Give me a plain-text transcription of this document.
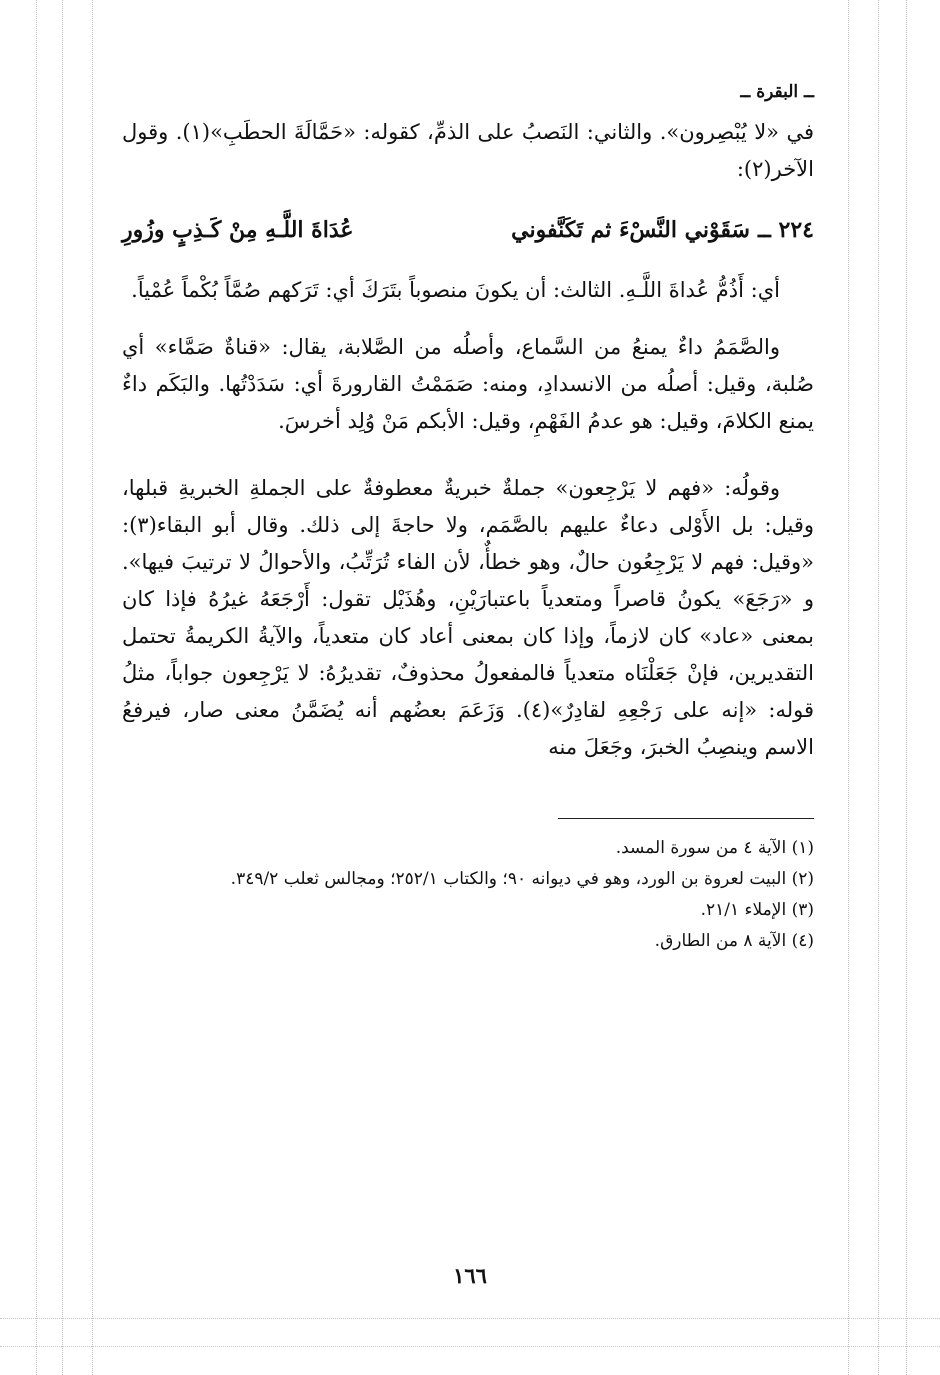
ــ البقرة ــ

في «لا يُبْصِرون». والثاني: النَصبُ على الذمِّ، كقوله: «حَمَّالَةَ الحطَبِ»(١). وقول الآخر(٢):

٢٢٤ ــ
سَقَوْني النَّسْءَ ثم تَكَنَّفوني
عُدَاةَ اللَّـهِ مِنْ كَـذِبٍ وزُورِ

أي: أَذُمُّ عُداةَ اللَّـهِ. الثالث: أن يكونَ منصوباً بتَرَكَ أي: تَرَكهم صُمَّاً بُكْماً عُمْياً.

والصَّمَمُ داءٌ يمنعُ من السَّماع، وأصلُه من الصَّلابة، يقال: «قناةٌ صَمَّاء» أي صُلبة، وقيل: أصلُه من الانسدادِ، ومنه: صَمَمْتُ القارورةَ أي: سَدَدْتُها. والبَكَم داءٌ يمنع الكلامَ، وقيل: هو عدمُ الفَهْمِ، وقيل: الأبكم مَنْ وُلِد أخرسَ.

وقولُه: «فهم لا يَرْجِعون» جملةٌ خبريةٌ معطوفةٌ على الجملةِ الخبريةِ قبلها، وقيل: بل الأَوْلى دعاءٌ عليهم بالصَّمَم، ولا حاجةَ إلى ذلك. وقال أبو البقاء(٣): «وقيل: فهم لا يَرْجِعُون حالٌ، وهو خطأٌ، لأن الفاء تُرَتِّبُ، والأحوالُ لا ترتيبَ فيها». و «رَجَعَ» يكونُ قاصراً ومتعدياً باعتبارَيْنِ، وهُذَيْل تقول: أَرْجَعَهُ غيرُهُ فإذا كان بمعنى «عاد» كان لازماً، وإذا كان بمعنى أعاد كان متعدياً، والآيةُ الكريمةُ تحتمل التقديرين، فإنْ جَعَلْنَاه متعدياً فالمفعولُ محذوفٌ، تقديرُهُ: لا يَرْجِعون جواباً، مثلُ قوله: «إنه على رَجْعِهِ لقادِرٌ»(٤). وَزَعَمَ بعضُهم أنه يُضَمَّنُ معنى صار، فيرفعُ الاسم وينصِبُ الخبرَ، وجَعَلَ منه

(١) الآية ٤ من سورة المسد.
(٢) البيت لعروة بن الورد، وهو في ديوانه ٩٠؛ والكتاب ٢٥٢/١؛ ومجالس ثعلب ٣٤٩/٢.
(٣) الإملاء ٢١/١.
(٤) الآية ٨ من الطارق.
١٦٦
